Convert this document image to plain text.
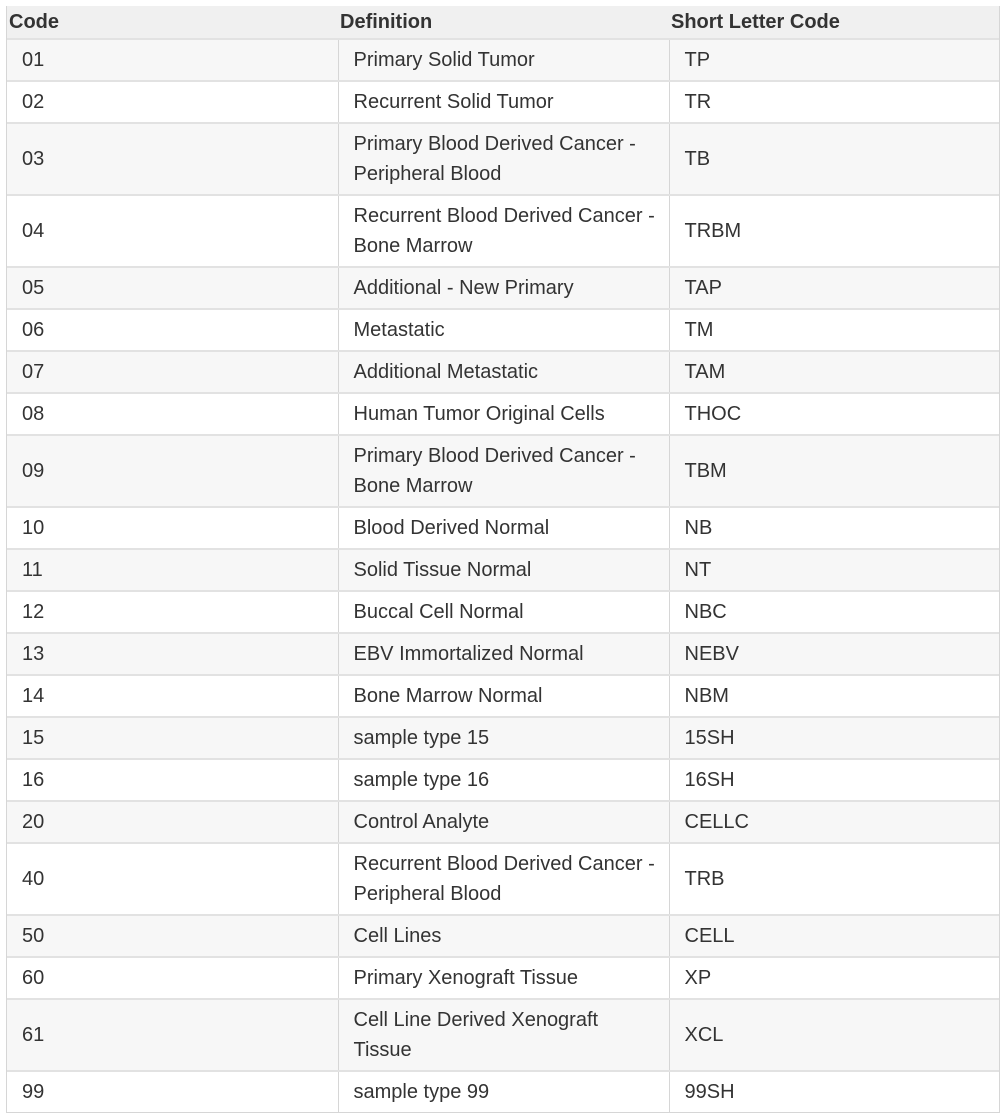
Code	Definition	Short Letter Code
01	Primary Solid Tumor	TP
02	Recurrent Solid Tumor	TR
03	Primary Blood Derived Cancer - Peripheral Blood	TB
04	Recurrent Blood Derived Cancer - Bone Marrow	TRBM
05	Additional - New Primary	TAP
06	Metastatic	TM
07	Additional Metastatic	TAM
08	Human Tumor Original Cells	THOC
09	Primary Blood Derived Cancer - Bone Marrow	TBM
10	Blood Derived Normal	NB
11	Solid Tissue Normal	NT
12	Buccal Cell Normal	NBC
13	EBV Immortalized Normal	NEBV
14	Bone Marrow Normal	NBM
15	sample type 15	15SH
16	sample type 16	16SH
20	Control Analyte	CELLC
40	Recurrent Blood Derived Cancer - Peripheral Blood	TRB
50	Cell Lines	CELL
60	Primary Xenograft Tissue	XP
61	Cell Line Derived Xenograft Tissue	XCL
99	sample type 99	99SH
